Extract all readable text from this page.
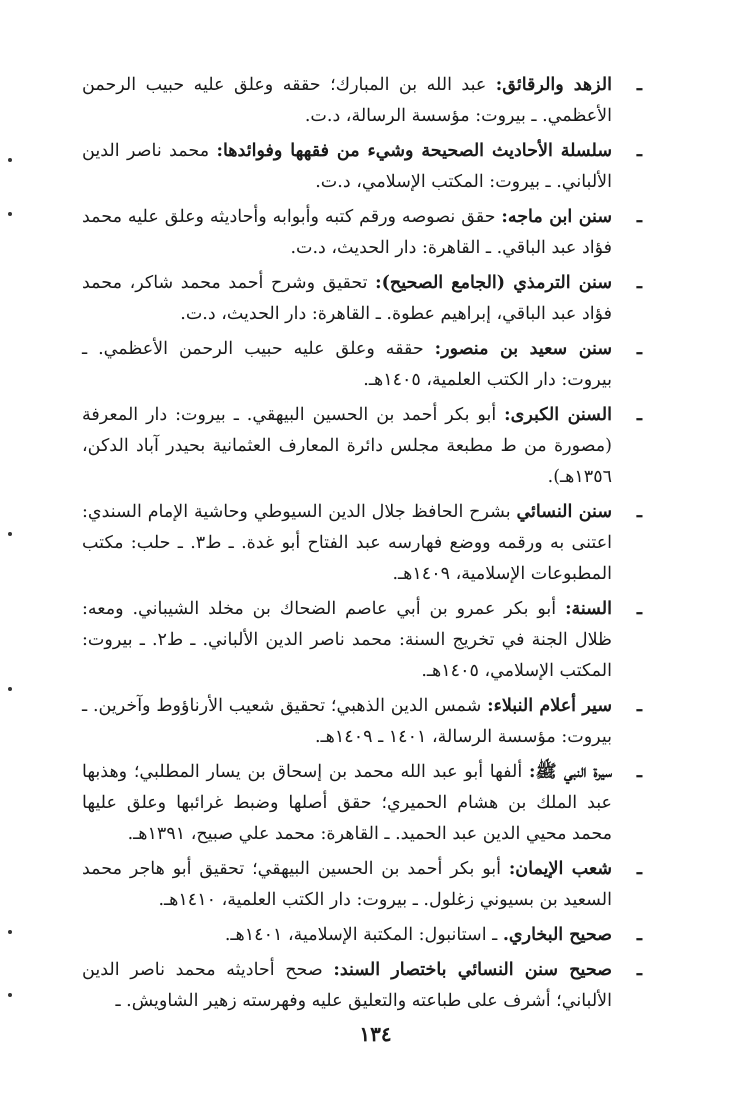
ـ
الزهد والرقائق: عبد الله بن المبارك؛ حققه وعلق عليه حبيب الرحمن الأعظمي. ـ بيروت: مؤسسة الرسالة، د.ت.
ـ
سلسلة الأحاديث الصحيحة وشيء من فقهها وفوائدها: محمد ناصر الدين الألباني. ـ بيروت: المكتب الإسلامي، د.ت.
ـ
سنن ابن ماجه: حقق نصوصه ورقم كتبه وأبوابه وأحاديثه وعلق عليه محمد فؤاد عبد الباقي. ـ القاهرة: دار الحديث، د.ت.
ـ
سنن الترمذي (الجامع الصحيح): تحقيق وشرح أحمد محمد شاكر، محمد فؤاد عبد الباقي، إبراهيم عطوة. ـ القاهرة: دار الحديث، د.ت.
ـ
سنن سعيد بن منصور: حققه وعلق عليه حبيب الرحمن الأعظمي. ـ بيروت: دار الكتب العلمية، ١٤٠٥هـ.
ـ
السنن الكبرى: أبو بكر أحمد بن الحسين البيهقي. ـ بيروت: دار المعرفة (مصورة من ط مطبعة مجلس دائرة المعارف العثمانية بحيدر آباد الدكن، ١٣٥٦هـ).
ـ
سنن النسائي بشرح الحافظ جلال الدين السيوطي وحاشية الإمام السندي: اعتنى به ورقمه ووضع فهارسه عبد الفتاح أبو غدة. ـ ط٣. ـ حلب: مكتب المطبوعات الإسلامية، ١٤٠٩هـ.
ـ
السنة: أبو بكر عمرو بن أبي عاصم الضحاك بن مخلد الشيباني. ومعه: ظلال الجنة في تخريج السنة: محمد ناصر الدين الألباني. ـ ط٢. ـ بيروت: المكتب الإسلامي، ١٤٠٥هـ.
ـ
سير أعلام النبلاء: شمس الدين الذهبي؛ تحقيق شعيب الأرناؤوط وآخرين. ـ بيروت: مؤسسة الرسالة، ١٤٠١ ـ ١٤٠٩هـ.
ـ
سيرة النبي ﷺ: ألفها أبو عبد الله محمد بن إسحاق بن يسار المطلبي؛ وهذبها عبد الملك بن هشام الحميري؛ حقق أصلها وضبط غرائبها وعلق عليها محمد محيي الدين عبد الحميد. ـ القاهرة: محمد علي صبيح، ١٣٩١هـ.
ـ
شعب الإيمان: أبو بكر أحمد بن الحسين البيهقي؛ تحقيق أبو هاجر محمد السعيد بن بسيوني زغلول. ـ بيروت: دار الكتب العلمية، ١٤١٠هـ.
ـ
صحيح البخاري. ـ استانبول: المكتبة الإسلامية، ١٤٠١هـ.
ـ
صحيح سنن النسائي باختصار السند: صحح أحاديثه محمد ناصر الدين الألباني؛ أشرف على طباعته والتعليق عليه وفهرسته زهير الشاويش. ـ
١٣٤
